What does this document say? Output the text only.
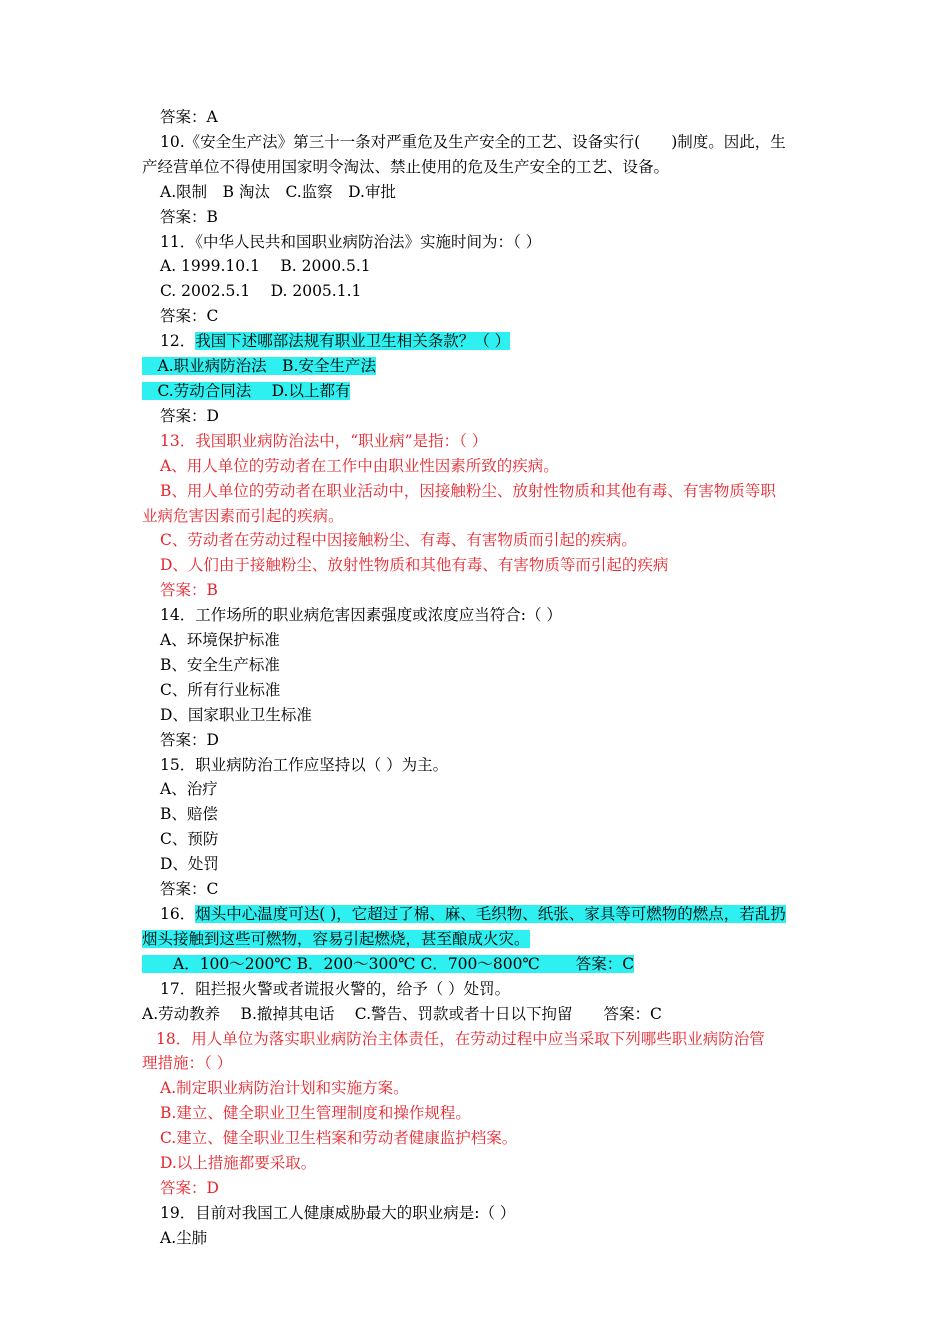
答案：A
10.《安全生产法》第三十一条对严重危及生产安全的工艺、设备实行(　　)制度。因此，生
产经营单位不得使用国家明令淘汰、禁止使用的危及生产安全的工艺、设备。
A.限制　B 淘汰　C.监察　D.审批
答案：B
11．《中华人民共和国职业病防治法》实施时间为：（ ）
A. 1999.10.1　 B. 2000.5.1
C. 2002.5.1　 D. 2005.1.1
答案：C
12．我国下述哪部法规有职业卫生相关条款？（ ）
　A.职业病防治法　B.安全生产法
　C.劳动合同法　 D.以上都有
答案：D
13．我国职业病防治法中，“职业病”是指：（ ）
A、用人单位的劳动者在工作中由职业性因素所致的疾病。
B、用人单位的劳动者在职业活动中，因接触粉尘、放射性物质和其他有毒、有害物质等职
业病危害因素而引起的疾病。
C、劳动者在劳动过程中因接触粉尘、有毒、有害物质而引起的疾病。
D、人们由于接触粉尘、放射性物质和其他有毒、有害物质等而引起的疾病
答案：B
14．工作场所的职业病危害因素强度或浓度应当符合:（ ）
A、环境保护标准
B、安全生产标准
C、所有行业标准
D、国家职业卫生标准
答案：D
15．职业病防治工作应坚持以（ ）为主。
A、治疗
B、赔偿
C、预防
D、处罚
答案：C
16．烟头中心温度可达( )，它超过了棉、麻、毛织物、纸张、家具等可燃物的燃点，若乱扔
烟头接触到这些可燃物，容易引起燃烧，甚至酿成火灾。
　　A．100～200℃ B．200～300℃ C．700～800℃　　 答案：C
17．阻拦报火警或者谎报火警的，给予（ ）处罚。
A.劳动教养　 B.撤掉其电话　 C.警告、罚款或者十日以下拘留　　答案：C
18．用人单位为落实职业病防治主体责任，在劳动过程中应当采取下列哪些职业病防治管
理措施：（ ）
A.制定职业病防治计划和实施方案。
B.建立、健全职业卫生管理制度和操作规程。
C.建立、健全职业卫生档案和劳动者健康监护档案。
D.以上措施都要采取。
答案：D
19．目前对我国工人健康威胁最大的职业病是:（ ）
A.尘肺
